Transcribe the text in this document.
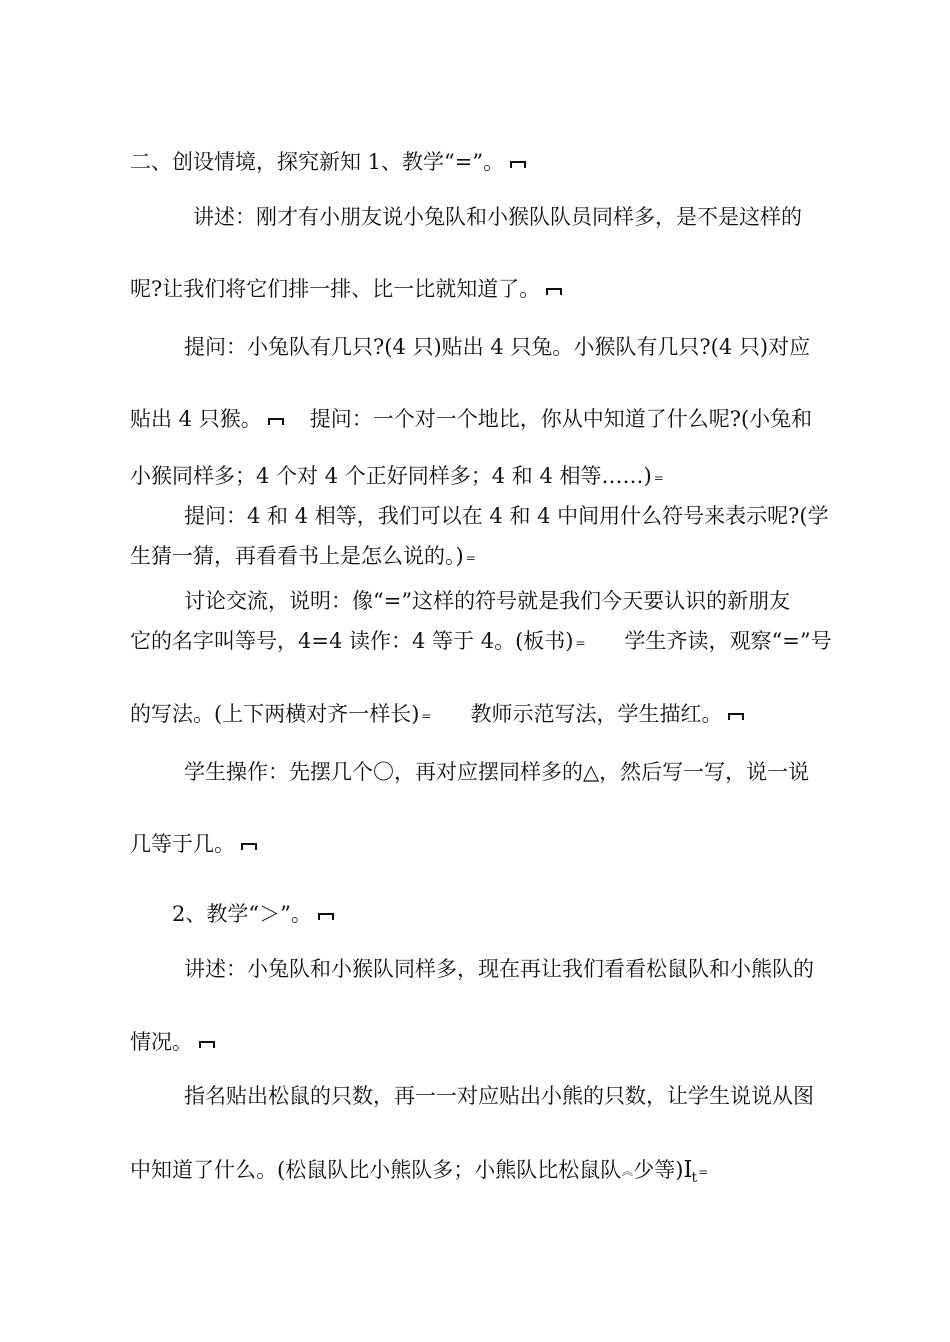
二、创设情境，探究新知 1、教学“=”。
讲述：刚才有小朋友说小兔队和小猴队队员同样多，是不是这样的
呢?让我们将它们排一排、比一比就知道了。
提问：小兔队有几只?(4 只)贴出 4 只兔。小猴队有几只?(4 只)对应
贴出 4 只猴。 提问：一个对一个地比，你从中知道了什么呢?(小兔和
小猴同样多；4 个对 4 个正好同样多；4 和 4 相等……) =
提问：4 和 4 相等，我们可以在 4 和 4 中间用什么符号来表示呢?(学
生猜一猜，再看看书上是怎么说的。) =
讨论交流，说明：像“=”这样的符号就是我们今天要认识的新朋友
它的名字叫等号，4=4 读作：4 等于 4。(板书) = 学生齐读，观察“=”号
的写法。(上下两横对齐一样长) = 教师示范写法，学生描红。
学生操作：先摆几个〇，再对应摆同样多的△，然后写一写，说一说
几等于几。
2、教学“＞”。
讲述：小兔队和小猴队同样多，现在再让我们看看松鼠队和小熊队的
情况。
指名贴出松鼠的只数，再一一对应贴出小熊的只数，让学生说说从图
中知道了什么。(松鼠队比小熊队多；小熊队比松鼠队︽少等)$I_t$ =
